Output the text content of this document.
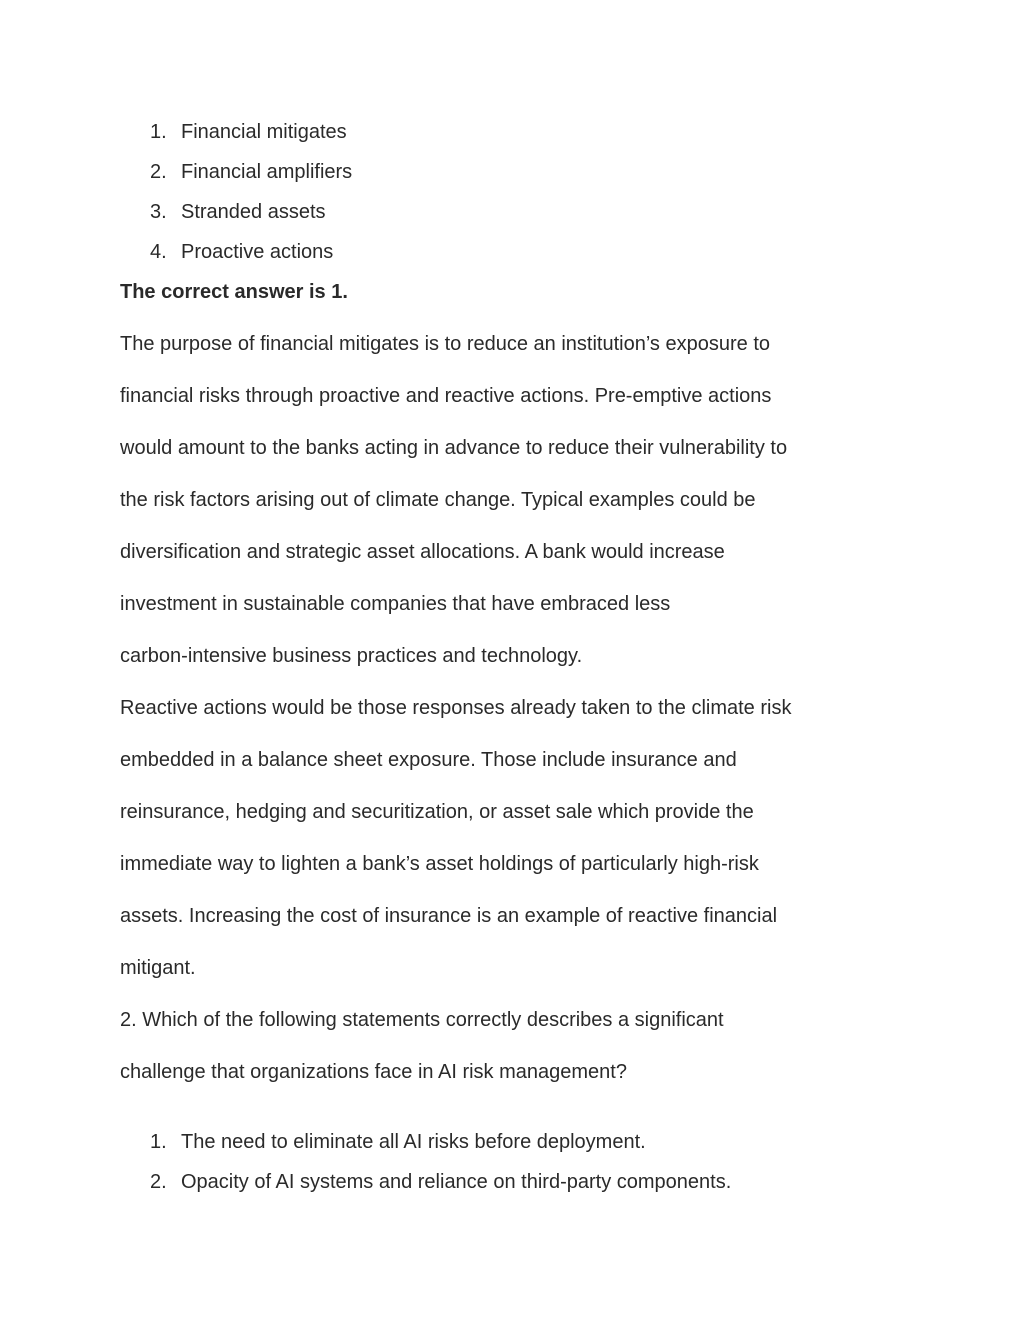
1. Financial mitigates
2. Financial amplifiers
3. Stranded assets
4. Proactive actions

The correct answer is 1.

The purpose of financial mitigates is to reduce an institution’s exposure to

financial risks through proactive and reactive actions. Pre-emptive actions

would amount to the banks acting in advance to reduce their vulnerability to

the risk factors arising out of climate change. Typical examples could be

diversification and strategic asset allocations. A bank would increase

investment in sustainable companies that have embraced less

carbon-intensive business practices and technology.

Reactive actions would be those responses already taken to the climate risk

embedded in a balance sheet exposure. Those include insurance and

reinsurance, hedging and securitization, or asset sale which provide the

immediate way to lighten a bank’s asset holdings of particularly high-risk

assets. Increasing the cost of insurance is an example of reactive financial

mitigant.

2. Which of the following statements correctly describes a significant

challenge that organizations face in AI risk management?

1. The need to eliminate all AI risks before deployment.
2. Opacity of AI systems and reliance on third-party components.
